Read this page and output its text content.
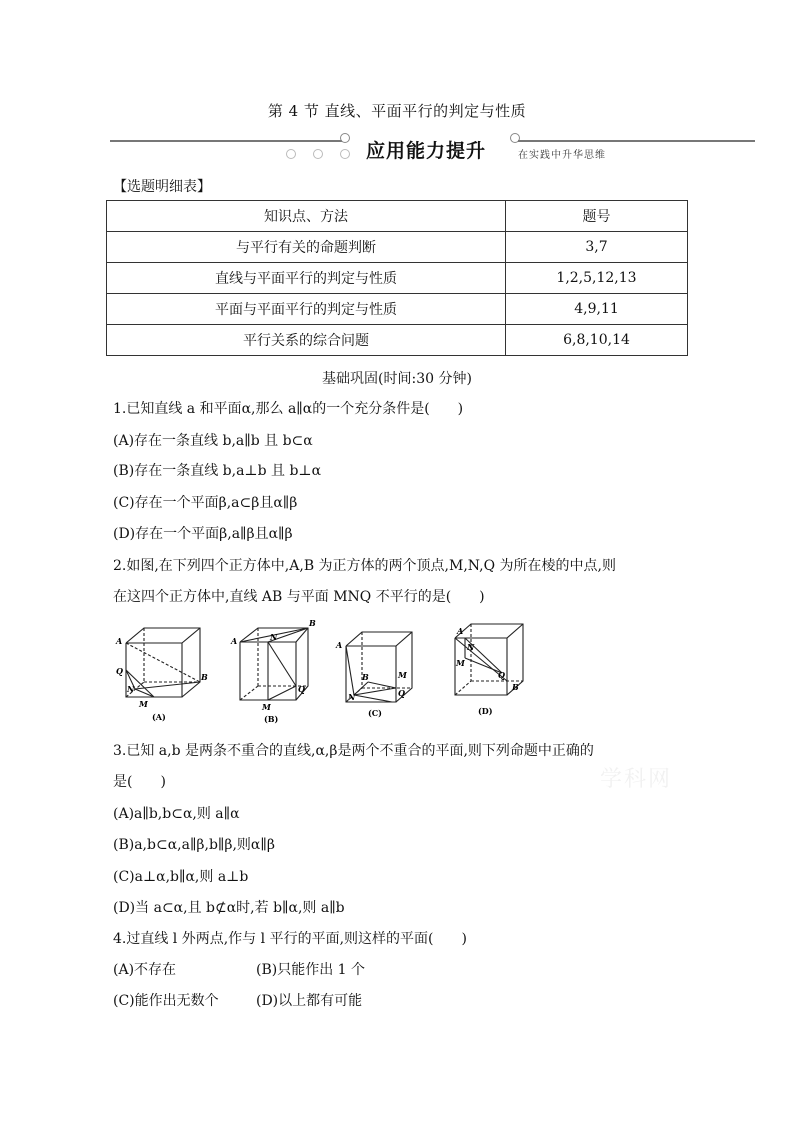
第 4 节 直线、平面平行的判定与性质
应用能力提升	在实践中升华思维
【选题明细表】
知识点、方法	题号
与平行有关的命题判断	3,7
直线与平面平行的判定与性质	1,2,5,12,13
平面与平面平行的判定与性质	4,9,11
平行关系的综合问题	6,8,10,14
基础巩固(时间:30 分钟)
1.已知直线 a 和平面α,那么 a∥α的一个充分条件是(　　)
(A)存在一条直线 b,a∥b 且 b⊂α
(B)存在一条直线 b,a⊥b 且 b⊥α
(C)存在一个平面β,a⊂β且α∥β
(D)存在一个平面β,a∥β且α∥β
2.如图,在下列四个正方体中,A,B 为正方体的两个顶点,M,N,Q 为所在棱的中点,则
在这四个正方体中,直线 AB 与平面 MNQ 不平行的是(　　)
A
B
Q
N
M
(A)
A
B
N
Q
M
(B)
A
B	M
N	Q
(C)
A
N
M
Q
B
(D)
3.已知 a,b 是两条不重合的直线,α,β是两个不重合的平面,则下列命题中正确的
是(　　)
(A)a∥b,b⊂α,则 a∥α
(B)a,b⊂α,a∥β,b∥β,则α∥β
(C)a⊥α,b∥α,则 a⊥b
(D)当 a⊂α,且 b⊄α时,若 b∥α,则 a∥b
4.过直线 l 外两点,作与 l 平行的平面,则这样的平面(　　)
(A)不存在	(B)只能作出 1 个
(C)能作出无数个	(D)以上都有可能
学科网
